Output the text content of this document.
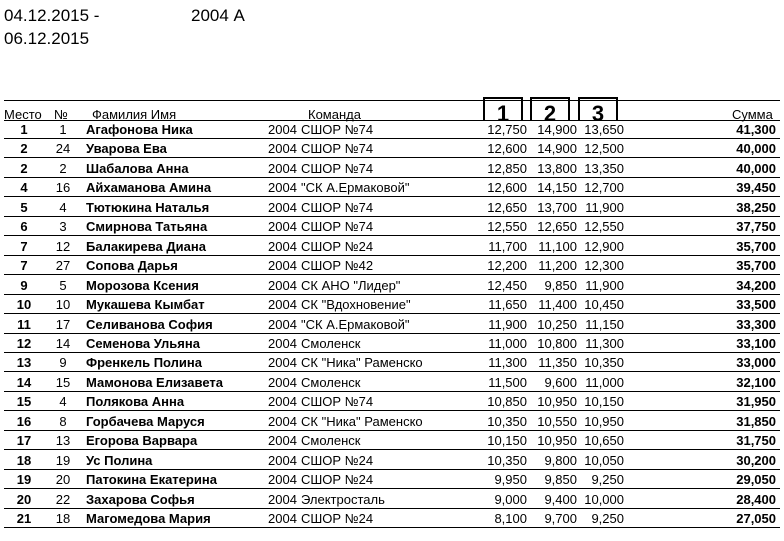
04.12.2015 -	2004 А
06.12.2015
Место № Фамилия Имя	Команда	Сумма
1	2	3
1	1	Агафонова Ника	2004 СШОР №74	12,750 14,900 13,650	41,300
2	24	Уварова Ева	2004 СШОР №74	12,600 14,900 12,500	40,000
2	2	Шабалова Анна	2004 СШОР №74	12,850 13,800 13,350	40,000
4	16	Айхаманова Амина	2004 "СК А.Ермаковой"	12,600 14,150 12,700	39,450
5	4	Тютюкина Наталья	2004 СШОР №74	12,650 13,700 11,900	38,250
6	3	Смирнова Татьяна	2004 СШОР №74	12,550 12,650 12,550	37,750
7	12	Балакирева Диана	2004 СШОР №24	11,700 11,100 12,900	35,700
7	27	Сопова Дарья	2004 СШОР №42	12,200 11,200 12,300	35,700
9	5	Морозова Ксения	2004 СК АНО "Лидер"	12,450 9,850 11,900	34,200
10	10	Мукашева Кымбат	2004 СК "Вдохновение"	11,650 11,400 10,450	33,500
11	17	Селиванова София	2004 "СК А.Ермаковой"	11,900 10,250 11,150	33,300
12	14	Семенова Ульяна	2004 Смоленск	11,000 10,800 11,300	33,100
13	9	Френкель Полина	2004 СК "Ника" Раменско	11,300 11,350 10,350	33,000
14	15	Мамонова Елизавета	2004 Смоленск	11,500 9,600 11,000	32,100
15	4	Полякова Анна	2004 СШОР №74	10,850 10,950 10,150	31,950
16	8	Горбачева Маруся	2004 СК "Ника" Раменско	10,350 10,550 10,950	31,850
17	13	Егорова Варвара	2004 Смоленск	10,150 10,950 10,650	31,750
18	19	Ус Полина	2004 СШОР №24	10,350 9,800 10,050	30,200
19	20	Патокина Екатерина	2004 СШОР №24	9,950 9,850 9,250	29,050
20	22	Захарова Софья	2004 Электросталь	9,000 9,400 10,000	28,400
21	18	Магомедова Мария	2004 СШОР №24	8,100 9,700 9,250	27,050
